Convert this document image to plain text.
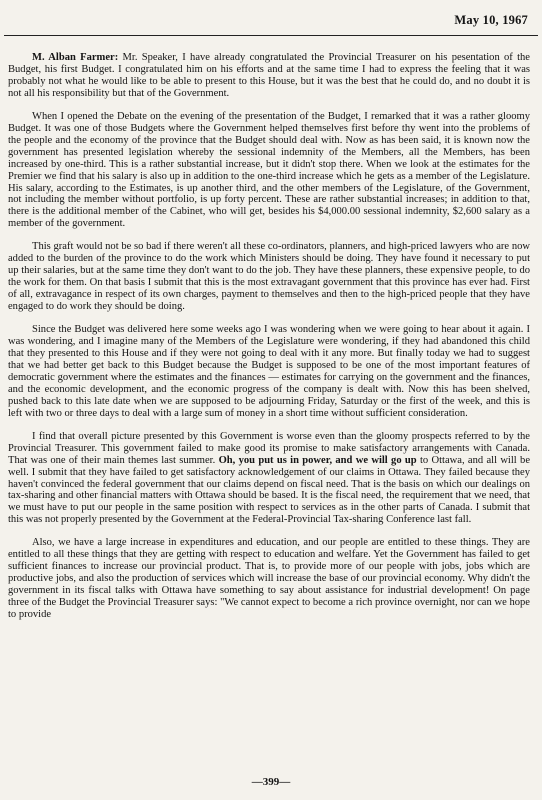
May 10, 1967

M. Alban Farmer: Mr. Speaker, I have already congratulated the Provincial Treasurer on his pesentation of the Budget, his first Budget. I congratulated him on his efforts and at the same time I had to express the feeling that it was probably not what he would like to be able to present to this House, but it was the best that he could do, and no doubt it is not all his responsibility but that of the Government.

When I opened the Debate on the evening of the presentation of the Budget, I remarked that it was a rather gloomy Budget. It was one of those Budgets where the Government helped themselves first before thy went into the problems of the people and the economy of the province that the Budget should deal with. Now as has been said, it is known now the government has presented legislation whereby the sessional indemnity of the Members, all the Members, has been increased by one-third. This is a rather substantial increase, but it didn't stop there. When we look at the estimates for the Premier we find that his salary is also up in addition to the one-third increase which he gets as a member of the Legislature. His salary, according to the Estimates, is up another third, and the other members of the Legislature, of the Government, not including the member without portfolio, is up forty percent. These are rather substantial increases; in addition to that, there is the additional member of the Cabinet, who will get, besides his $4,000.00 sessional indemnity, $2,600 salary as a member of the government.

This graft would not be so bad if there weren't all these co-ordinators, planners, and high-priced lawyers who are now added to the burden of the province to do the work which Ministers should be doing. They have found it necessary to put up their salaries, but at the same time they don't want to do the job. They have these planners, these expensive people, to do the work for them. On that basis I submit that this is the most extravagant government that this province has ever had. First of all, extravagance in respect of its own charges, payment to themselves and then to the high-priced people that they have engaged to do work they should be doing.

Since the Budget was delivered here some weeks ago I was wondering when we were going to hear about it again. I was wondering, and I imagine many of the Members of the Legislature were wondering, if they had abandoned this child that they presented to this House and if they were not going to deal with it any more. But finally today we had to suggest that we had better get back to this Budget because the Budget is supposed to be one of the most important features of democratic government where the estimates and the finances — estimates for carrying on the government and the finances, and the economic development, and the economic progress of the company is dealt with. Now this has been shelved, pushed back to this late date when we are supposed to be adjourning Friday, Saturday or the first of the week, and this is left with two or three days to deal with a large sum of money in a short time without sufficient consideration.

I find that overall picture presented by this Government is worse even than the gloomy prospects referred to by the Provincial Treasurer. This government failed to make good its promise to make satisfactory arrangements with Canada. That was one of their main themes last summer. Oh, you put us in power, and we will go up to Ottawa, and all will be well. I submit that they have failed to get satisfactory acknowledgement of our claims in Ottawa. They failed because they haven't convinced the federal government that our claims depend on fiscal need. That is the basis on which our dealings on tax-sharing and other financial matters with Ottawa should be based. It is the fiscal need, the requirement that we need, that we must have to put our people in the same position with respect to services as in the other parts of Canada. I submit that this was not properly presented by the Government at the Federal-Provincial Tax-sharing Conference last fall.

Also, we have a large increase in expenditures and education, and our people are entitled to these things. They are entitled to all these things that they are getting with respect to education and welfare. Yet the Government has failed to get sufficient finances to increase our provincial product. That is, to provide more of our people with jobs, jobs which are productive jobs, and also the production of services which will increase the base of our provincial economy. Why didn't the government in its fiscal talks with Ottawa have something to say about assistance for industrial development! On page three of the Budget the Provincial Treasurer says: "We cannot expect to become a rich province overnight, nor can we hope to provide

—399—
